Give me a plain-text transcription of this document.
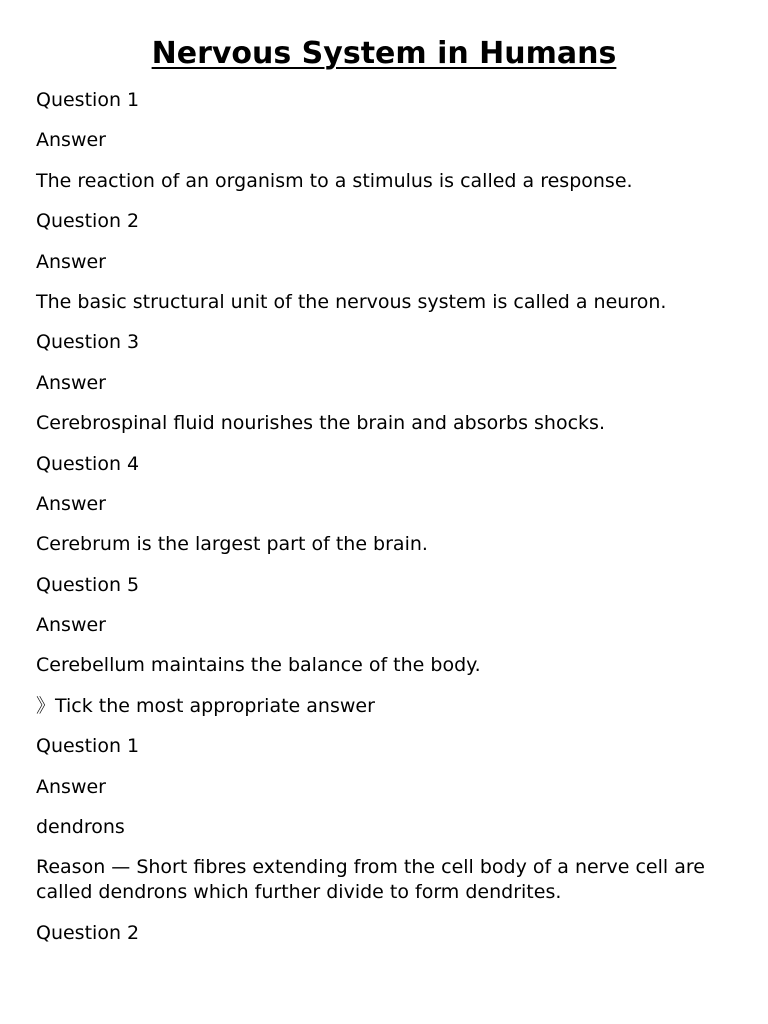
Nervous System in Humans

Question 1

Answer

The reaction of an organism to a stimulus is called a response.

Question 2

Answer

The basic structural unit of the nervous system is called a neuron.

Question 3

Answer

Cerebrospinal fluid nourishes the brain and absorbs shocks.

Question 4

Answer

Cerebrum is the largest part of the brain.

Question 5

Answer

Cerebellum maintains the balance of the body.

》Tick the most appropriate answer

Question 1

Answer

dendrons

Reason — Short fibres extending from the cell body of a nerve cell are called dendrons which further divide to form dendrites.

Question 2
